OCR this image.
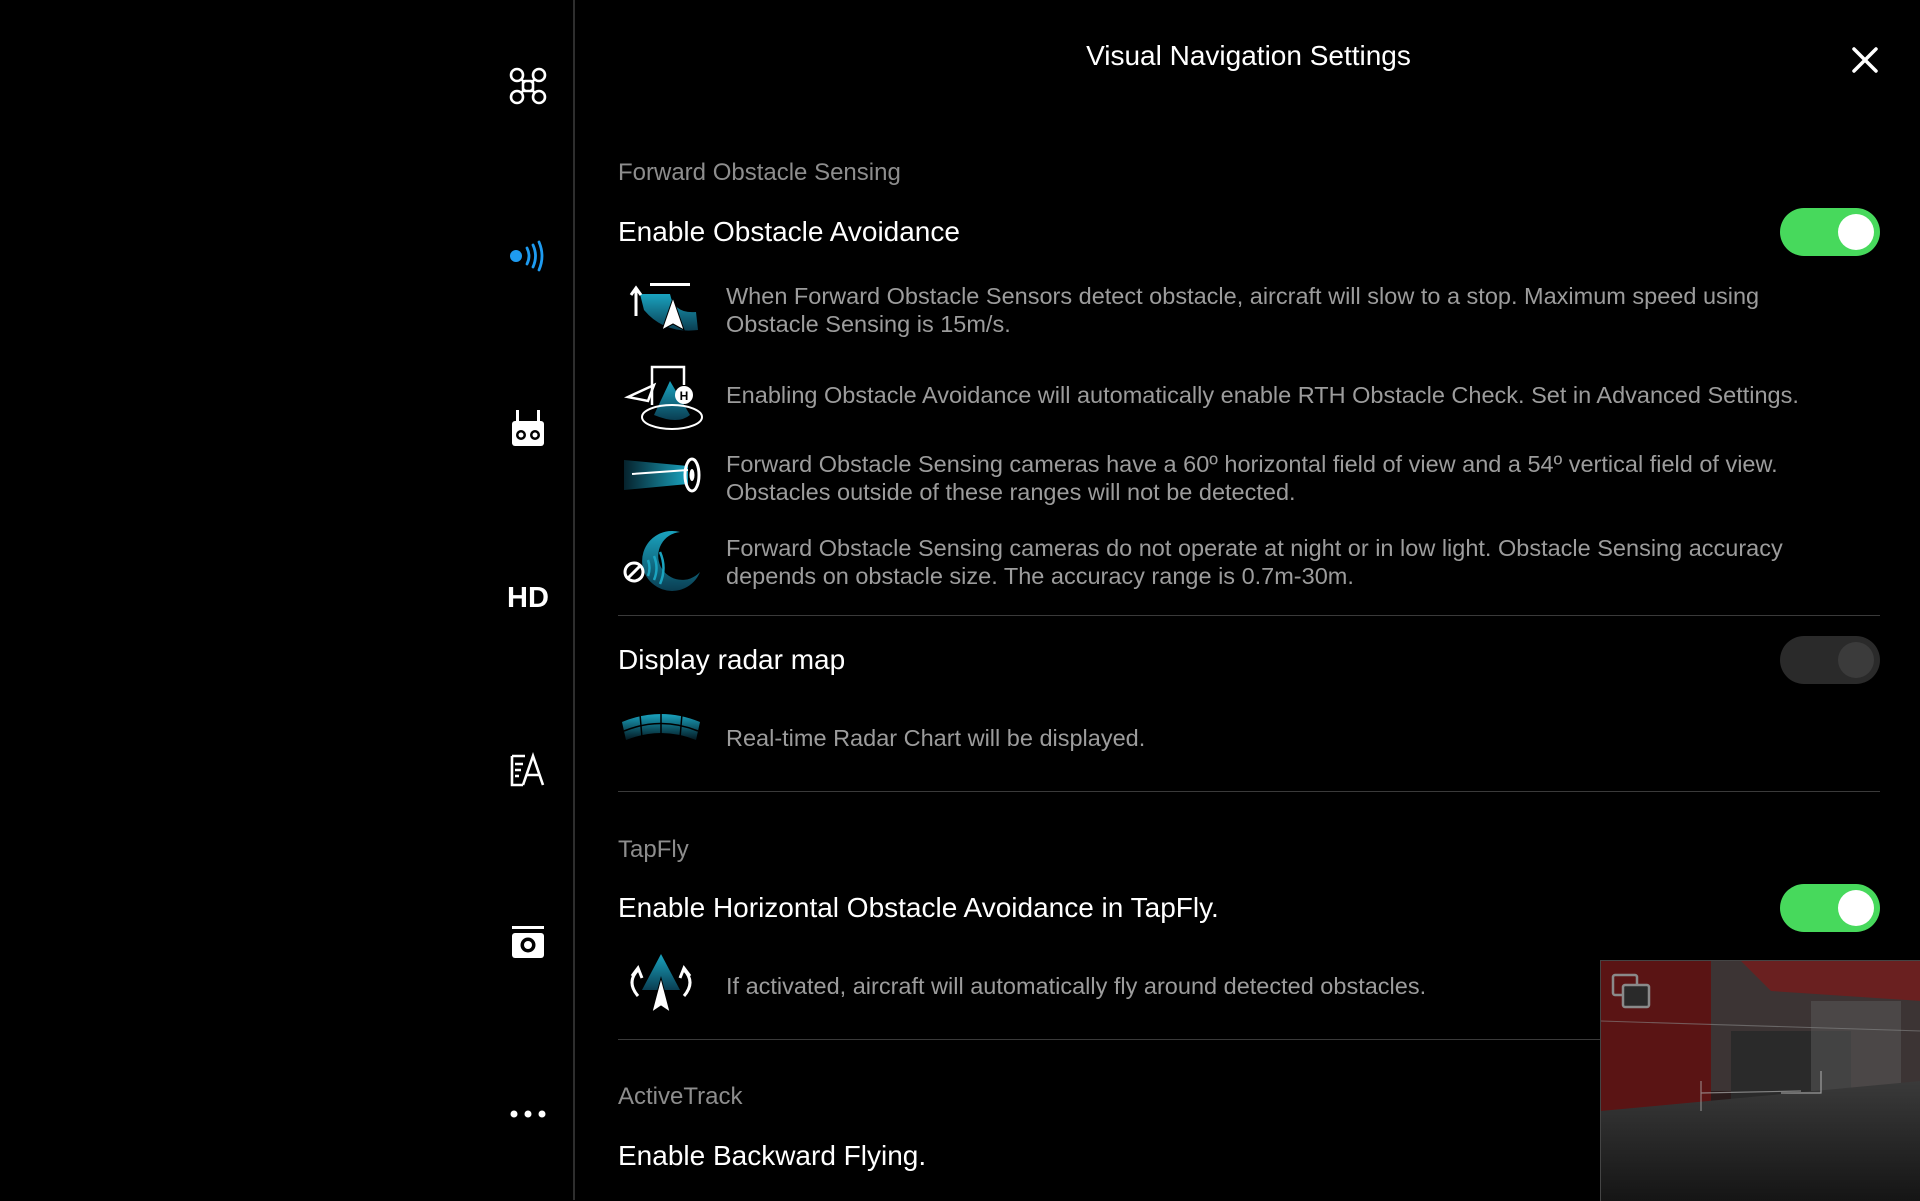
HD
Visual Navigation Settings
Forward Obstacle Sensing
Enable Obstacle Avoidance
When Forward Obstacle Sensors detect obstacle, aircraft will slow to a stop. Maximum speed using Obstacle Sensing is 15m/s.
H Enabling Obstacle Avoidance will automatically enable RTH Obstacle Check. Set in Advanced Settings.
Forward Obstacle Sensing cameras have a 60º horizontal field of view and a 54º vertical field of view. Obstacles outside of these ranges will not be detected.
Forward Obstacle Sensing cameras do not operate at night or in low light. Obstacle Sensing accuracy depends on obstacle size. The accuracy range is 0.7m-30m.
Display radar map
Real-time Radar Chart will be displayed.
TapFly
Enable Horizontal Obstacle Avoidance in TapFly.
If activated, aircraft will automatically fly around detected obstacles.
ActiveTrack
Enable Backward Flying.
